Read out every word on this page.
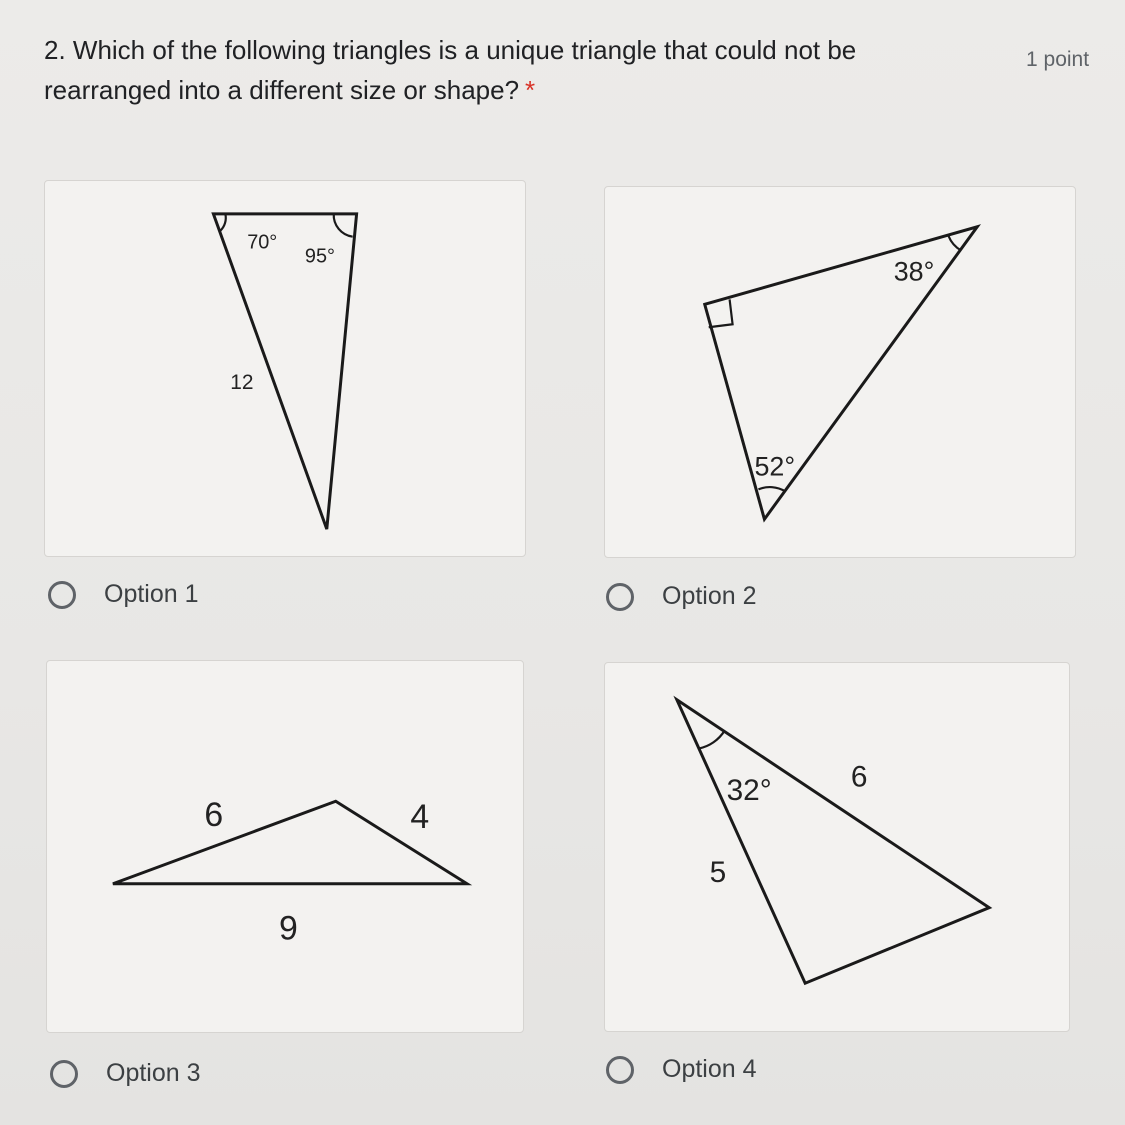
2. Which of the following triangles is a unique triangle that could not be rearranged into a different size or shape? *
1 point
70°
95°
12
Option 1
38°
52°
Option 2
6	4
9
Option 3
32°	6
5
Option 4
